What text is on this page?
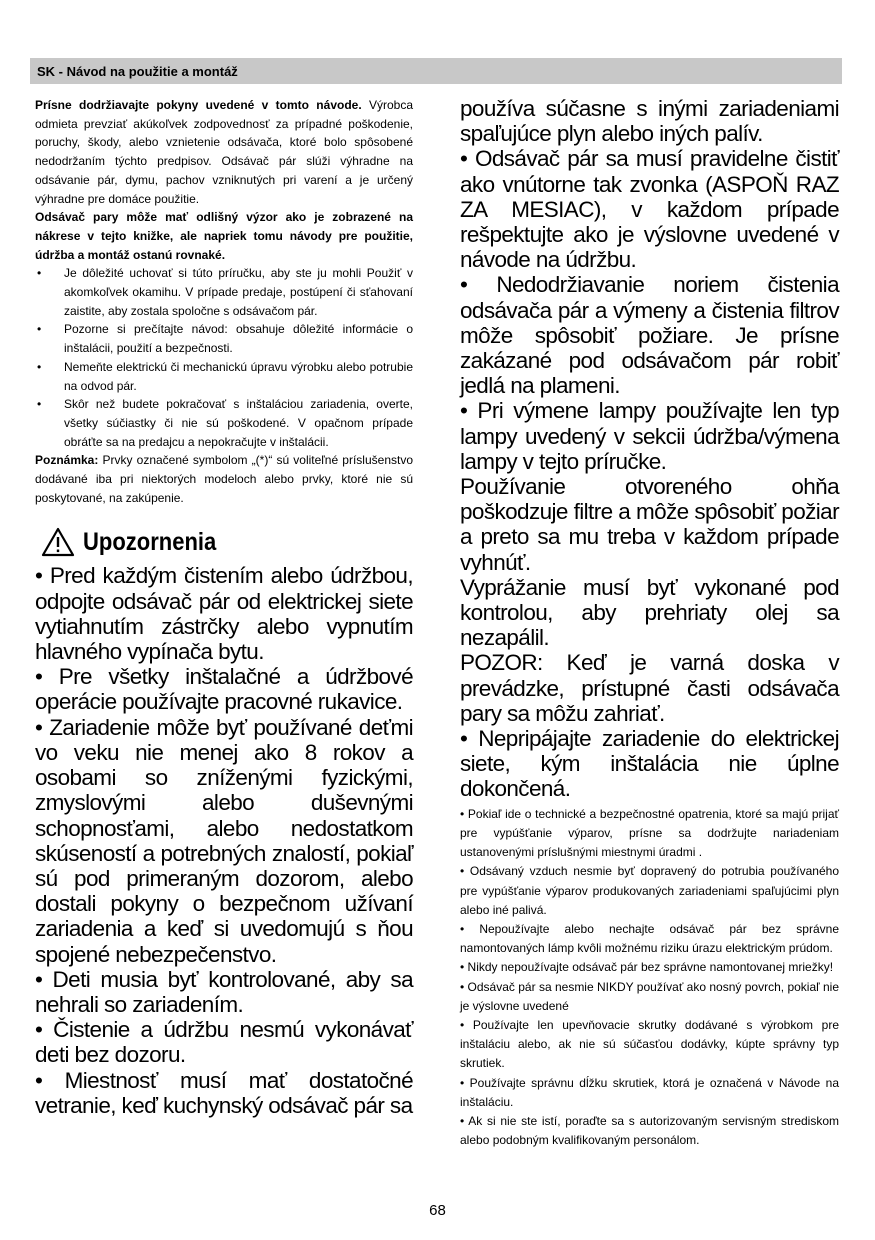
SK - Návod na použitie a montáž

Prísne dodržiavajte pokyny uvedené v tomto návode. Výrobca odmieta prevziať akúkoľvek zodpovednosť za prípadné poškodenie, poruchy, škody, alebo vznietenie odsávača, ktoré bolo spôsobené nedodržaním týchto predpisov. Odsávač pár slúži výhradne na odsávanie pár, dymu, pachov vzniknutých pri varení a je určený výhradne pre domáce použitie.

Odsávač pary môže mať odlišný výzor ako je zobrazené na nákrese v tejto knižke, ale napriek tomu návody pre použitie, údržba a montáž ostanú rovnaké.

• Je dôležité uchovať si túto príručku, aby ste ju mohli Použiť v akomkoľvek okamihu. V prípade predaje, postúpení či sťahovaní zaistite, aby zostala spoločne s odsávačom pár.
• Pozorne si prečítajte návod: obsahuje dôležité informácie o inštalácii, použití a bezpečnosti.
• Nemeňte elektrickú či mechanickú úpravu výrobku alebo potrubie na odvod pár.
• Skôr než budete pokračovať s inštaláciou zariadenia, overte, všetky súčiastky či nie sú poškodené. V opačnom prípade obráťte sa na predajcu a nepokračujte v inštalácii.

Poznámka: Prvky označené symbolom „(*)“ sú voliteľné príslušenstvo dodávané iba pri niektorých modeloch alebo prvky, ktoré nie sú poskytované, na zakúpenie.

Upozornenia

• Pred každým čistením alebo údržbou, odpojte odsávač pár od elektrickej siete vytiahnutím zástrčky alebo vypnutím hlavného vypínača bytu.

• Pre všetky inštalačné a údržbové operácie používajte pracovné rukavice.

• Zariadenie môže byť používané deťmi vo veku nie menej ako 8 rokov a osobami so zníženými fyzickými, zmyslovými alebo duševnými schopnosťami, alebo nedostatkom skúseností a potrebných znalostí, pokiaľ sú pod primeraným dozorom, alebo dostali pokyny o bezpečnom užívaní zariadenia a keď si uvedomujú s ňou spojené nebezpečenstvo.

• Deti musia byť kontrolované, aby sa nehrali so zariadením.

• Čistenie a údržbu nesmú vykonávať deti bez dozoru.

• Miestnosť musí mať dostatočné vetranie, keď kuchynský odsávač pár sa

používa súčasne s inými zariadeniami spaľujúce plyn alebo iných palív.

• Odsávač pár sa musí pravidelne čistiť ako vnútorne tak zvonka (ASPOŇ RAZ ZA MESIAC), v každom prípade rešpektujte ako je výslovne uvedené v návode na údržbu.

• Nedodržiavanie noriem čistenia odsávača pár a výmeny a čistenia filtrov môže spôsobiť požiare. Je prísne zakázané pod odsávačom pár robiť jedlá na plameni.

• Pri výmene lampy používajte len typ lampy uvedený v sekcii údržba/výmena lampy v tejto príručke.

Používanie otvoreného ohňa poškodzuje filtre a môže spôsobiť požiar a preto sa mu treba v každom prípade vyhnúť.

Vyprážanie musí byť vykonané pod kontrolou, aby prehriaty olej sa nezapálil.

POZOR: Keď je varná doska v prevádzke, prístupné časti odsávača pary sa môžu zahriať.

• Nepripájajte zariadenie do elektrickej siete, kým inštalácia nie úplne dokončená.

• Pokiaľ ide o technické a bezpečnostné opatrenia, ktoré sa majú prijať pre vypúšťanie výparov, prísne sa dodržujte nariadeniam ustanovenými príslušnými miestnymi úradmi .

• Odsávaný vzduch nesmie byť dopravený do potrubia používaného pre vypúšťanie výparov produkovaných zariadeniami spaľujúcimi plyn alebo iné palivá.

• Nepoužívajte alebo nechajte odsávač pár bez správne namontovaných lámp kvôli možnému riziku úrazu elektrickým prúdom.

• Nikdy nepoužívajte odsávač pár bez správne namontovanej mriežky!

• Odsávač pár sa nesmie NIKDY používať ako nosný povrch, pokiaľ nie je výslovne uvedené

• Používajte len upevňovacie skrutky dodávané s výrobkom pre inštaláciu alebo, ak nie sú súčasťou dodávky, kúpte správny typ skrutiek.

• Používajte správnu dĺžku skrutiek, ktorá je označená v Návode na inštaláciu.

• Ak si nie ste istí, poraďte sa s autorizovaným servisným strediskom alebo podobným kvalifikovaným personálom.

68
